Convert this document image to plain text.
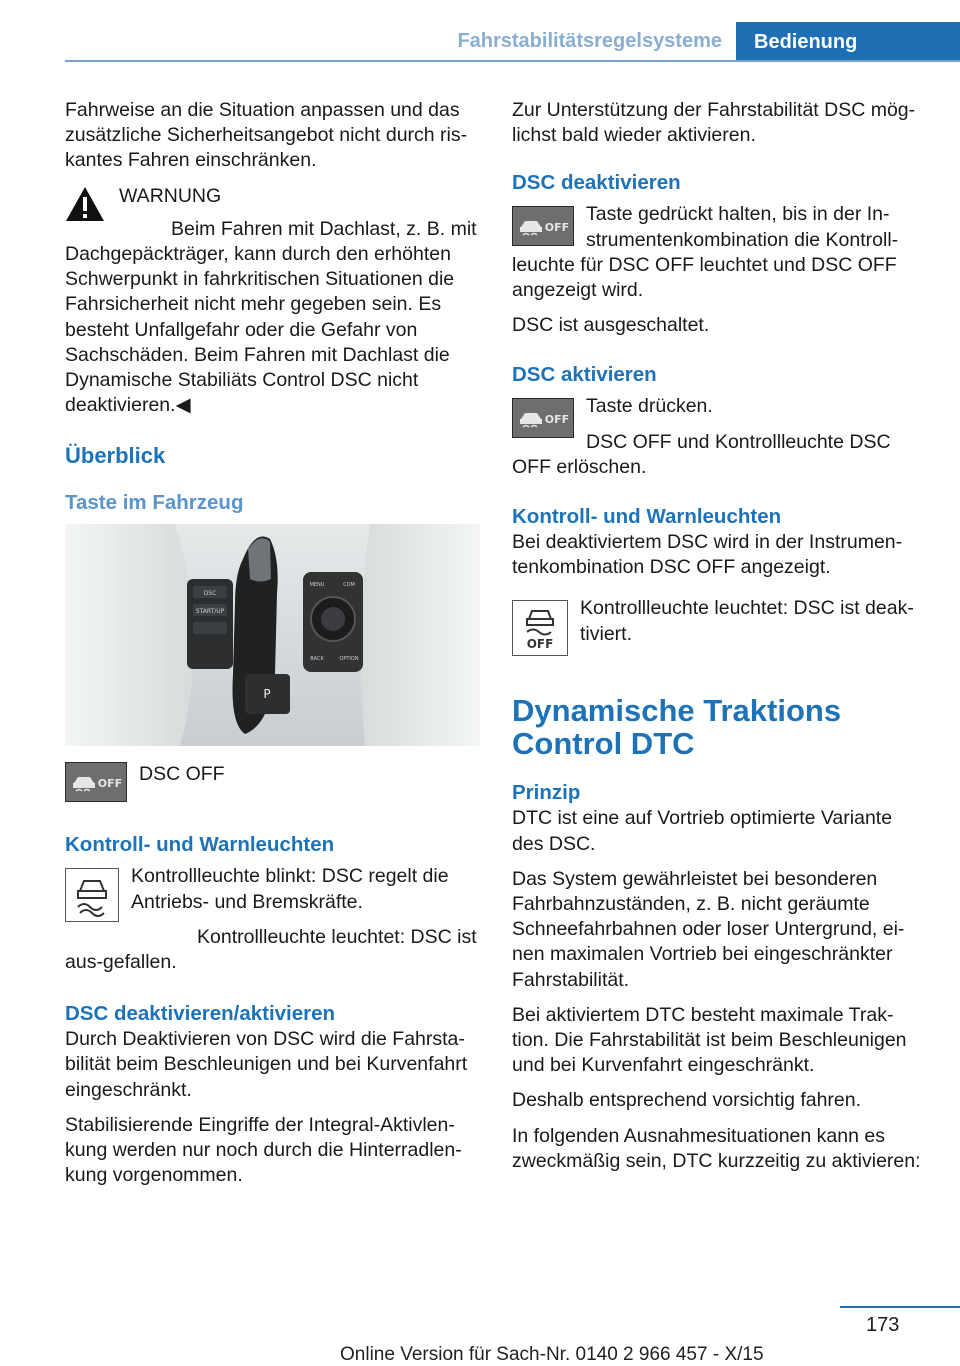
Fahrstabilitätsregelsysteme	Bedienung

Fahrweise an die Situation anpassen und das zusätzliche Sicherheitsangebot nicht durch ris-kantes Fahren einschränken.

WARNUNG
Beim Fahren mit Dachlast, z. B. mit Dachgepäckträger, kann durch den erhöhten Schwerpunkt in fahrkritischen Situationen die Fahrsicherheit nicht mehr gegeben sein. Es besteht Unfallgefahr oder die Gefahr von Sachschäden. Beim Fahren mit Dachlast die Dynamische Stabiliäts Control DSC nicht deaktivieren.◀
Überblick
Taste im Fahrzeug
DSC
START/UP
P
MENU	COM
BACK	OPTION
OFF DSC OFF
Kontroll- und Warnleuchten

Kontrollleuchte blinkt: DSC regelt die Antriebs- und Bremskräfte.

Kontrollleuchte leuchtet: DSC ist aus-gefallen.

DSC deaktivieren/aktivieren

Durch Deaktivieren von DSC wird die Fahrsta-bilität beim Beschleunigen und bei Kurvenfahrt eingeschränkt.

Stabilisierende Eingriffe der Integral-Aktivlen-kung werden nur noch durch die Hinterradlen-kung vorgenommen.

Zur Unterstützung der Fahrstabilität DSC mög-lichst bald wieder aktivieren.

DSC deaktivieren
OFF

Taste gedrückt halten, bis in der In-strumentenkombination die Kontroll-leuchte für DSC OFF leuchtet und DSC OFF angezeigt wird.

DSC ist ausgeschaltet.

DSC aktivieren
OFF

Taste drücken.

DSC OFF und Kontrollleuchte DSC OFF erlöschen.

Kontroll- und Warnleuchten

Bei deaktiviertem DSC wird in der Instrumen-tenkombination DSC OFF angezeigt.

OFF

Kontrollleuchte leuchtet: DSC ist deak-tiviert.

Dynamische Traktions Control DTC
Prinzip

DTC ist eine auf Vortrieb optimierte Variante des DSC.

Das System gewährleistet bei besonderen Fahrbahnzuständen, z. B. nicht geräumte Schneefahrbahnen oder loser Untergrund, ei-nen maximalen Vortrieb bei eingeschränkter Fahrstabilität.

Bei aktiviertem DTC besteht maximale Trak-tion. Die Fahrstabilität ist beim Beschleunigen und bei Kurvenfahrt eingeschränkt.

Deshalb entsprechend vorsichtig fahren.

In folgenden Ausnahmesituationen kann es zweckmäßig sein, DTC kurzzeitig zu aktivieren:

173
Online Version für Sach-Nr. 0140 2 966 457 - X/15
